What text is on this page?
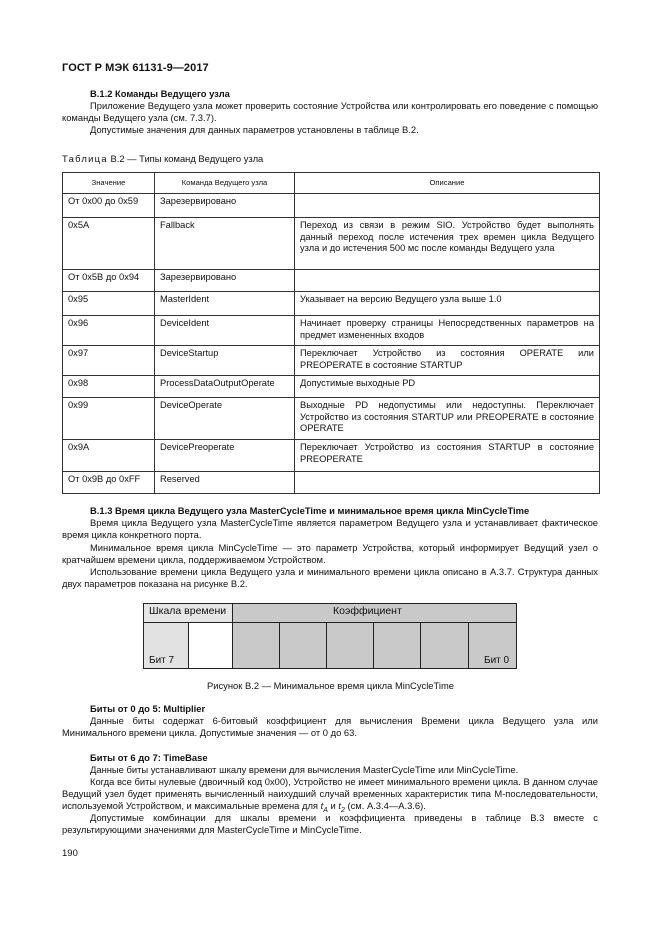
ГОСТ Р МЭК 61131-9—2017
В.1.2 Команды Ведущего узла
Приложение Ведущего узла может проверить состояние Устройства или контролировать его поведение с помощью команды Ведущего узла (см. 7.3.7).
Допустимые значения для данных параметров установлены в таблице В.2.
Таблица В.2 — Типы команд Ведущего узла
Значение	Команда Ведущего узла	Описание
От 0x00 до 0x59	Зарезервировано	
0x5A	Fallback	Переход из связи в режим SIO. Устройство будет выполнять данный переход после истечения трех времен цикла Ведущего узла и до истечения 500 мс после команды Ведущего узла
От 0x5B до 0x94	Зарезервировано	
0x95	MasterIdent	Указывает на версию Ведущего узла выше 1.0
0x96	DeviceIdent	Начинает проверку страницы Непосредственных параметров на предмет измененных входов
0x97	DeviceStartup	Переключает Устройство из состояния OPERATE или PREOPERATE в состояние STARTUP
0x98	ProcessDataOutputOperate	Допустимые выходные PD
0x99	DeviceOperate	Выходные PD недопустимы или недоступны. Переключает Устройство из состояния STARTUP или PREOPERATE в состояние OPERATE
0x9A	DevicePreoperate	Переключает Устройство из состояния STARTUP в состояние PREOPERATE
От 0x9B до 0xFF	Reserved	
В.1.3 Время цикла Ведущего узла MasterCycleTime и минимальное время цикла MinCycleTime
Время цикла Ведущего узла MasterCycleTime является параметром Ведущего узла и устанавливает фактическое время цикла конкретного порта.
Минимальное время цикла MinCycleTime — это параметр Устройства, который информирует Ведущий узел о кратчайшем времени цикла, поддерживаемом Устройством.
Использование времени цикла Ведущего узла и минимального времени цикла описано в А.3.7. Структура данных двух параметров показана на рисунке В.2.
Шкала времени	Коэффициент
Бит 7	Бит 0
Рисунок В.2 — Минимальное время цикла MinCycleTime
Биты от 0 до 5: Multiplier
Данные биты содержат 6-битовый коэффициент для вычисления Времени цикла Ведущего узла или Минимального времени цикла. Допустимые значения — от 0 до 63.
Биты от 6 до 7: TimeBase
Данные биты устанавливают шкалу времени для вычисления MasterCycleTime или MinCycleTime.
Когда все биты нулевые (двоичный код 0x00), Устройство не имеет минимального времени цикла. В данном случае Ведущий узел будет применять вычисленный наихудший случай временных характеристик типа М-последовательности, используемой Устройством, и максимальные времена для $t_A$ и $t_2$ (см. А.3.4—А.3.6).
Допустимые комбинации для шкалы времени и коэффициента приведены в таблице В.3 вместе с результирующими значениями для MasterCycleTime и MinCycleTime.
190
